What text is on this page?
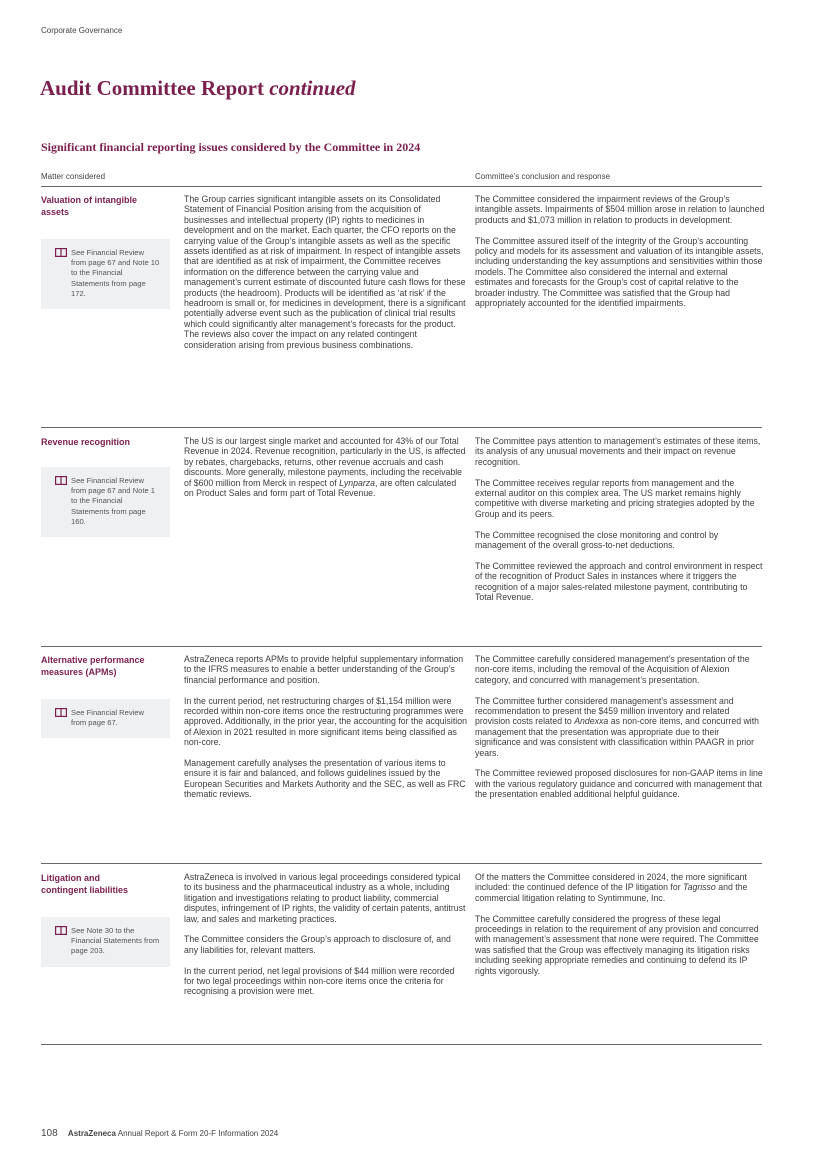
Corporate Governance
Audit Committee Report continued
Significant financial reporting issues considered by the Committee in 2024
Matter considered	Committee’s conclusion and response
Valuation of intangible assets
See Financial Review from page 67 and Note 10 to the Financial Statements from page 172.

The Group carries significant intangible assets on its Consolidated Statement of Financial Position arising from the acquisition of businesses and intellectual property (IP) rights to medicines in development and on the market. Each quarter, the CFO reports on the carrying value of the Group’s intangible assets as well as the specific assets identified as at risk of impairment. In respect of intangible assets that are identified as at risk of impairment, the Committee receives information on the difference between the carrying value and management’s current estimate of discounted future cash flows for these products (the headroom). Products will be identified as ‘at risk’ if the headroom is small or, for medicines in development, there is a significant potentially adverse event such as the publication of clinical trial results which could significantly alter management’s forecasts for the product. The reviews also cover the impact on any related contingent consideration arising from previous business combinations.

The Committee considered the impairment reviews of the Group’s intangible assets. Impairments of $504 million arose in relation to launched products and $1,073 million in relation to products in development.

The Committee assured itself of the integrity of the Group’s accounting policy and models for its assessment and valuation of its intangible assets, including understanding the key assumptions and sensitivities within those models. The Committee also considered the internal and external estimates and forecasts for the Group’s cost of capital relative to the broader industry. The Committee was satisfied that the Group had appropriately accounted for the identified impairments.

Revenue recognition
See Financial Review from page 67 and Note 1 to the Financial Statements from page 160.

The US is our largest single market and accounted for 43% of our Total Revenue in 2024. Revenue recognition, particularly in the US, is affected by rebates, chargebacks, returns, other revenue accruals and cash discounts. More generally, milestone payments, including the receivable of $600 million from Merck in respect of Lynparza, are often calculated on Product Sales and form part of Total Revenue.

The Committee pays attention to management’s estimates of these items, its analysis of any unusual movements and their impact on revenue recognition.

The Committee receives regular reports from management and the external auditor on this complex area. The US market remains highly competitive with diverse marketing and pricing strategies adopted by the Group and its peers.

The Committee recognised the close monitoring and control by management of the overall gross-to-net deductions.

The Committee reviewed the approach and control environment in respect of the recognition of Product Sales in instances where it triggers the recognition of a major sales-related milestone payment, contributing to Total Revenue.

Alternative performance measures (APMs)
See Financial Review from page 67.

AstraZeneca reports APMs to provide helpful supplementary information to the IFRS measures to enable a better understanding of the Group’s financial performance and position.

In the current period, net restructuring charges of $1,154 million were recorded within non-core items once the restructuring programmes were approved. Additionally, in the prior year, the accounting for the acquisition of Alexion in 2021 resulted in more significant items being classified as non-core.

Management carefully analyses the presentation of various items to ensure it is fair and balanced, and follows guidelines issued by the European Securities and Markets Authority and the SEC, as well as FRC thematic reviews.

The Committee carefully considered management’s presentation of the non-core items, including the removal of the Acquisition of Alexion category, and concurred with management’s presentation.

The Committee further considered management’s assessment and recommendation to present the $459 million inventory and related provision costs related to Andexxa as non-core items, and concurred with management that the presentation was appropriate due to their significance and was consistent with classification within PAAGR in prior years.

The Committee reviewed proposed disclosures for non-GAAP items in line with the various regulatory guidance and concurred with management that the presentation enabled additional helpful guidance.

Litigation and contingent liabilities
See Note 30 to the Financial Statements from page 203.

AstraZeneca is involved in various legal proceedings considered typical to its business and the pharmaceutical industry as a whole, including litigation and investigations relating to product liability, commercial disputes, infringement of IP rights, the validity of certain patents, antitrust law, and sales and marketing practices.

The Committee considers the Group’s approach to disclosure of, and any liabilities for, relevant matters.

In the current period, net legal provisions of $44 million were recorded for two legal proceedings within non-core items once the criteria for recognising a provision were met.

Of the matters the Committee considered in 2024, the more significant included: the continued defence of the IP litigation for Tagrisso and the commercial litigation relating to Syntimmune, Inc.

The Committee carefully considered the progress of these legal proceedings in relation to the requirement of any provision and concurred with management’s assessment that none were required. The Committee was satisfied that the Group was effectively managing its litigation risks including seeking appropriate remedies and continuing to defend its IP rights vigorously.

108 AstraZeneca Annual Report & Form 20-F Information 2024
